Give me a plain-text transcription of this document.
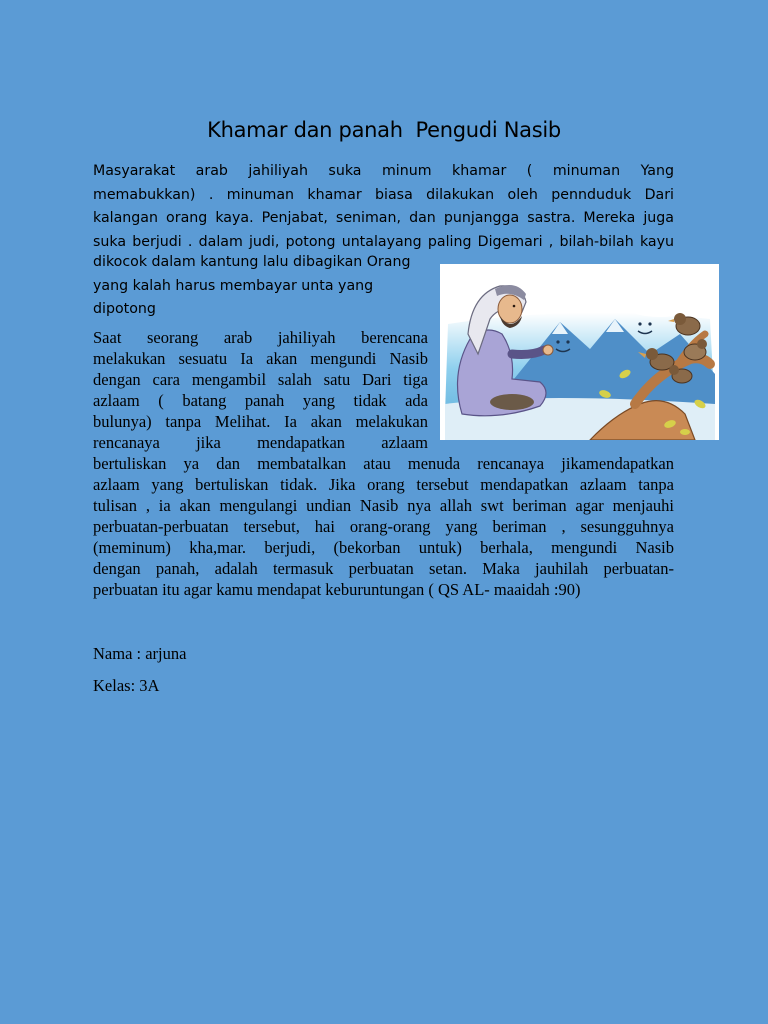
Khamar dan panah  Pengudi Nasib
Masyarakat arab jahiliyah suka minum khamar ( minuman Yang
memabukkan) . minuman khamar biasa dilakukan oleh pennduduk Dari
kalangan orang kaya. Penjabat, seniman, dan punjangga sastra. Mereka juga
suka berjudi . dalam judi, potong untalayang paling Digemari , bilah-bilah kayu
dikocok dalam kantung lalu dibagikan Orang
yang kalah harus membayar unta yang
dipotong
Saat seorang arab jahiliyah berencana
melakukan sesuatu Ia akan mengundi Nasib
dengan cara mengambil salah satu Dari tiga
azlaam ( batang panah yang tidak ada
bulunya) tanpa Melihat. Ia akan melakukan
rencanaya jika mendapatkan azlaam
bertuliskan ya dan membatalkan atau menuda rencanaya jikamendapatkan
azlaam yang bertuliskan tidak. Jika orang tersebut mendapatkan azlaam tanpa
tulisan , ia akan mengulangi undian Nasib nya allah swt beriman agar menjauhi
perbuatan-perbuatan tersebut, hai orang-orang yang beriman , sesungguhnya
(meminum) kha,mar. berjudi, (bekorban untuk) berhala, mengundi Nasib
dengan panah, adalah termasuk perbuatan setan. Maka jauhilah perbuatan-
perbuatan itu agar kamu mendapat keburuntungan ( QS AL- maaidah :90)
Nama : arjuna
Kelas: 3A
